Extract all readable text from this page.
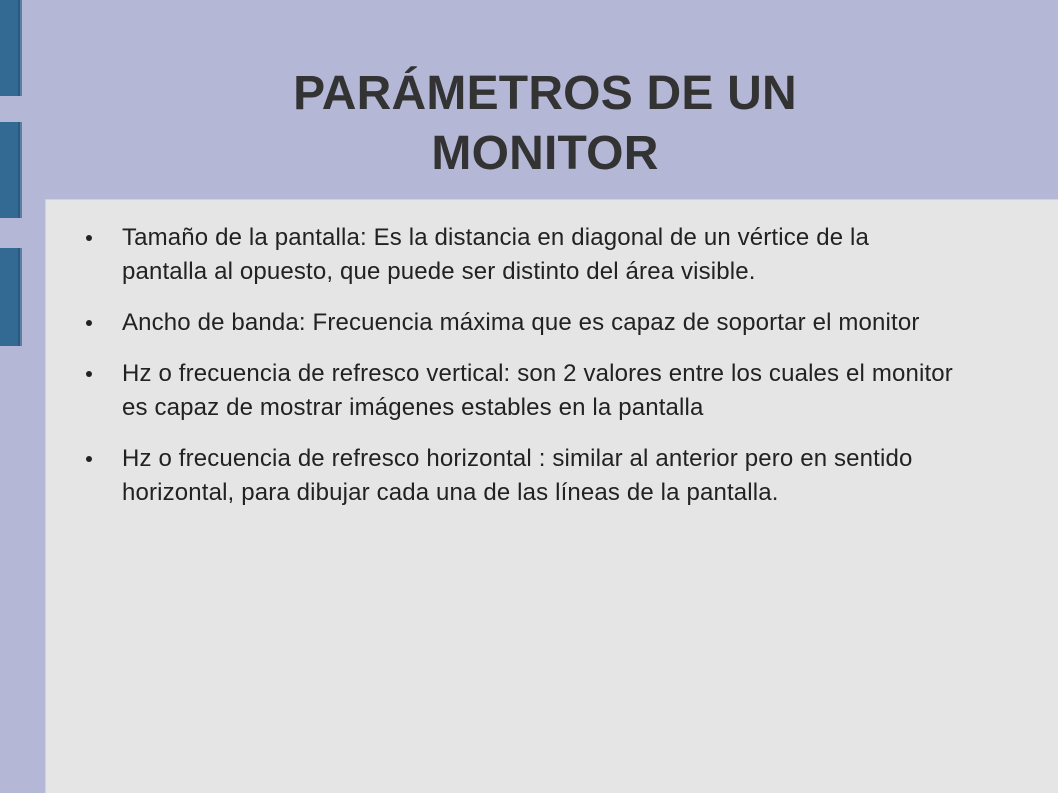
PARÁMETROS DE UN MONITOR
Tamaño de la pantalla: Es la distancia en diagonal de un vértice de la pantalla al opuesto, que puede ser distinto del área visible.
Ancho de banda: Frecuencia máxima que es capaz de soportar el monitor
Hz o frecuencia de refresco vertical: son 2 valores entre los cuales el monitor es capaz de mostrar imágenes estables en la pantalla
Hz o frecuencia de refresco horizontal : similar al anterior pero en sentido horizontal, para dibujar cada una de las líneas de la pantalla.
